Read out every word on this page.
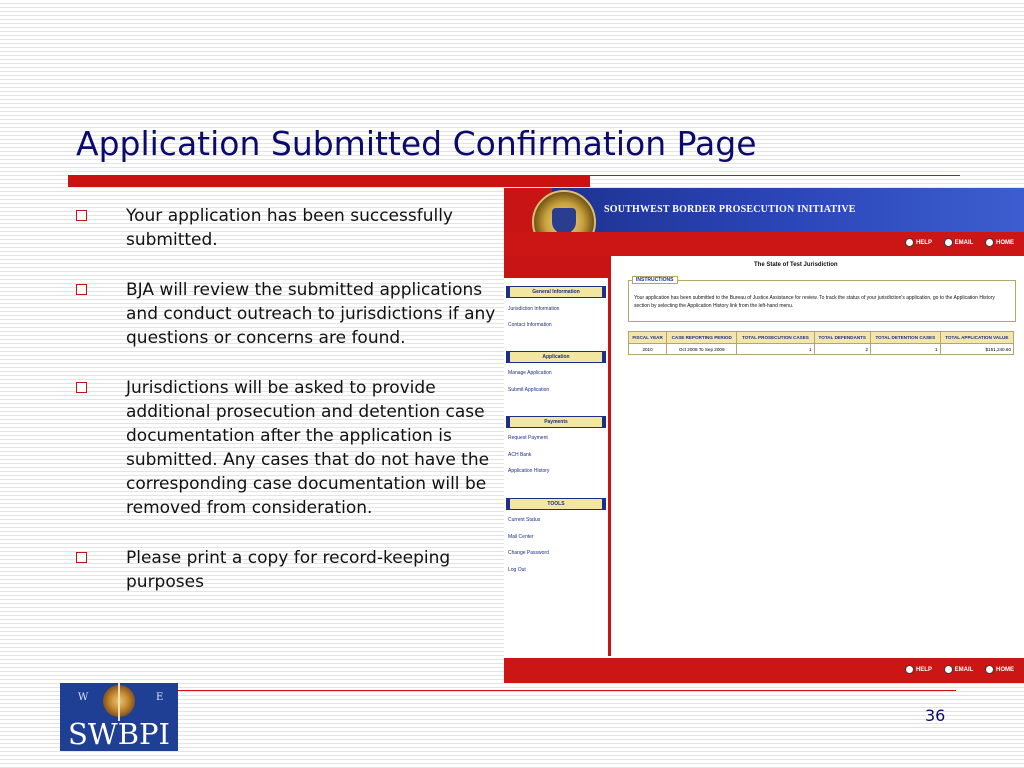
Application Submitted Confirmation Page
Your application has been successfully submitted.
BJA will review the submitted applications and conduct outreach to jurisdictions if any questions or concerns are found.
Jurisdictions will be asked to provide additional prosecution and detention case documentation after the application is submitted. Any cases that do not have the corresponding case documentation will be removed from consideration.
Please print a copy for record-keeping purposes
SOUTHWEST BORDER PROSECUTION INITIATIVE
HELP	EMAIL	HOME
General Information
Jurisdiction Information
Contact Information
Application
Manage Application
Submit Application
Payments
Request Payment
ACH Bank
Application History
TOOLS
Current Status
Mail Center
Change Password
Log Out
The State of Test Jurisdiction
INSTRUCTIONS
Your application has been submitted to the Bureau of Justice Assistance for review. To track the status of your jurisdiction's application, go to the Application History section by selecting the Application History link from the left-hand menu.
FISCAL YEAR	CASE REPORTING PERIOD	TOTAL PROSECUTION CASES	TOTAL DEFENDANTS	TOTAL DETENTION CASES	TOTAL APPLICATION VALUE
2010	Oct 2008 To Sep 2009	1	2	1	$151,240.60
HELP	EMAIL	HOME
W	E
SWBPI
36
